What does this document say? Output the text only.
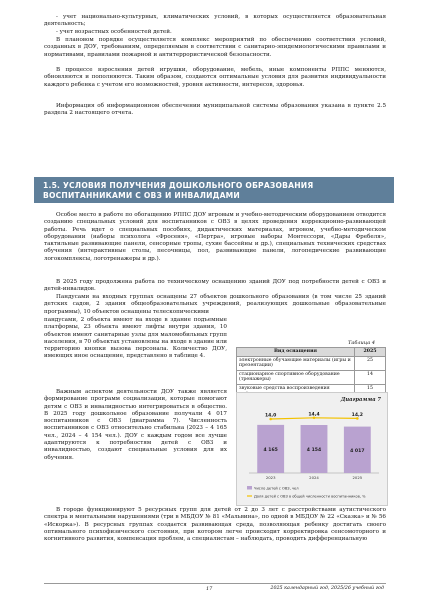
- учет национально-культурных, климатических условий, в которых осуществляется образовательная деятельность;

- учет возрастных особенностей детей.

В плановом порядке осуществляется комплекс мероприятий по обеспечению соответствия условий, созданных в ДОУ, требованиям, определяемым в соответствии с санитарно-эпидемиологическими правилами и нормативами, правилами пожарной и антитеррористической безопасности.

В процессе взросления детей игрушки, оборудование, мебель, иные компоненты РППС меняются, обновляются и пополняются. Таким образом, создаются оптимальные условия для развития индивидуальности каждого ребенка с учетом его возможностей, уровня активности, интересов, здоровья.

Информация об информационном обеспечении муниципальной системы образования указана в пункте 2.5 раздела 2 настоящего отчета.

1.5. УСЛОВИЯ ПОЛУЧЕНИЯ ДОШКОЛЬНОГО ОБРАЗОВАНИЯ
ВОСПИТАННИКАМИ С ОВЗ И ИНВАЛИДАМИ

Особое место в работе по обогащению РППС ДОУ игровым и учебно-методическим оборудованием отводится созданию специальных условий для воспитанников с ОВЗ в целях проведения коррекционно-развивающей работы. Речь идет о специальных пособиях, дидактических материалах, игровом, учебно-методическом оборудовании (наборы психолога «Фросеня», «Пертра», игровые наборы Монтессори, «Дары Фребеля», тактильные развивающие панели, сенсорные тропы, сухие бассейны и др.), специальных технических средствах обучения (интерактивные столы, песочницы, пол, развивающие панели, логопедические развивающие логокомплексы, логотренажеры и др.).

В 2025 году продолжена работа по техническому оснащению зданий ДОУ под потребности детей с ОВЗ и детей-инвалидов.

Пандусами на входных группах оснащены 27 объектов дошкольного образования (в том числе 25 зданий детских садов, 2 здания общеобразовательных учреждений, реализующих дошкольные образовательные программы), 10 объектов оснащены телескопическими

пандусами, 2 объекта имеют на входе в здание подъемные платформы, 23 объекта имеют лифты внутри здания, 10 объектов имеют санитарные узлы для маломобильных групп населения, в 70 объектах установлены на входе в здание или территорию кнопки вызова персонала. Количество ДОУ, имеющих иное оснащение, представлено в таблице 4.

Важным аспектом деятельности ДОУ также является формирование программ социализации, которые помогают детям с ОВЗ и инвалидностью интегрироваться в общество. В 2025 году дошкольное образование получали 4 017 воспитанников с ОВЗ (диаграмма 7). Численность воспитанников с ОВЗ относительно стабильна (2023 – 4 165 чел., 2024 – 4 154 чел.). ДОУ с каждым годом все лучше адаптируются к потребностям детей с ОВЗ и инвалидностью, создают специальные условия для их обучения.

В городе функционируют 5 ресурсных групп для детей от 2 до 3 лет с расстройствами аутистического спектра и ментальными нарушениями (три в МБДОУ № 81 «Мальвина», по одной в МБДОУ № 22 «Сказка» и № 56 «Искорка»). В ресурсных группах создается развивающая среда, позволяющая ребенку достигать своего оптимального психофизического состояния, при котором легче происходит корректировка сенсомоторного и когнитивного развития, компенсация проблем, а специалистам – наблюдать, проводить дифференциальную

Таблица 4
Вид оснащения	2025
электронные обучающие материалы (игры и презентации)	25
стационарное спортивное оборудование (тренажеры)	14
звуковые средства воспроизведения	15
Диаграмма 7
4 165
2023
4 154
2024
4 017
2025
14,0	14,4	14,2
Число детей с ОВЗ, чел
Доля детей с ОВЗ в общей численности воспитанников, %
17	2025 календарный год, 2025/26 учебный год
